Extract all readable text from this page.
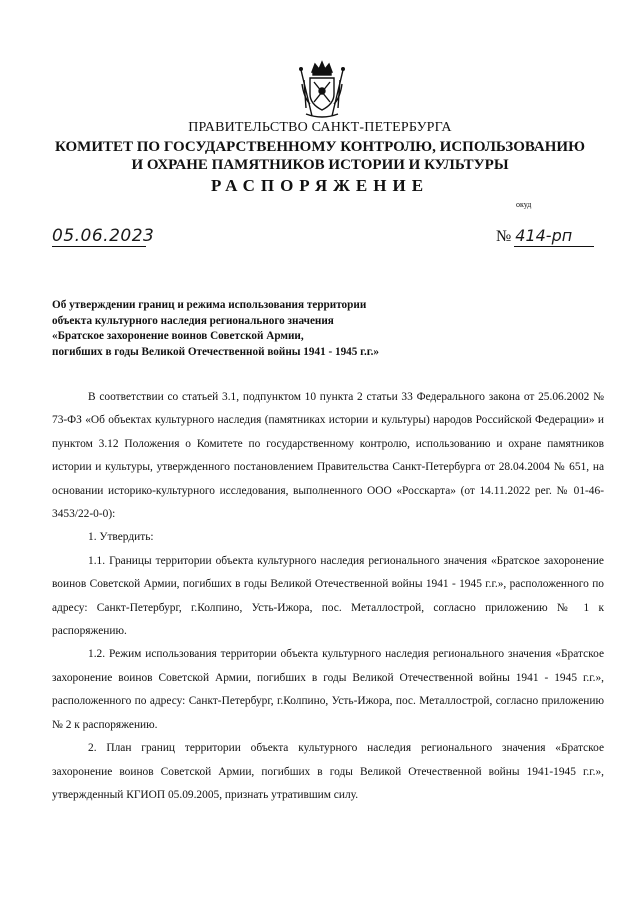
ПРАВИТЕЛЬСТВО САНКТ-ПЕТЕРБУРГА
КОМИТЕТ ПО ГОСУДАРСТВЕННОМУ КОНТРОЛЮ, ИСПОЛЬЗОВАНИЮ
И ОХРАНЕ ПАМЯТНИКОВ ИСТОРИИ И КУЛЬТУРЫ
РАСПОРЯЖЕНИЕ
окуд
05.06.2023	№ 414-рп
Об утверждении границ и режима использования территории
объекта культурного наследия регионального значения
«Братское захоронение воинов Советской Армии,
погибших в годы Великой Отечественной войны 1941 - 1945 г.г.»

В соответствии со статьей 3.1, подпунктом 10 пункта 2 статьи 33 Федерального закона от 25.06.2002 № 73-ФЗ «Об объектах культурного наследия (памятниках истории и культуры) народов Российской Федерации» и пунктом 3.12 Положения о Комитете по государственному контролю, использованию и охране памятников истории и культуры, утвержденного постановлением Правительства Санкт-Петербурга от 28.04.2004 № 651, на основании историко-культурного исследования, выполненного ООО «Росскарта» (от 14.11.2022 рег. № 01-46-3453/22-0-0):

1. Утвердить:

1.1. Границы территории объекта культурного наследия регионального значения «Братское захоронение воинов Советской Армии, погибших в годы Великой Отечественной войны 1941 - 1945 г.г.», расположенного по адресу: Санкт-Петербург, г.Колпино, Усть-Ижора, пос. Металлострой, согласно приложению № 1 к распоряжению.

1.2. Режим использования территории объекта культурного наследия регионального значения «Братское захоронение воинов Советской Армии, погибших в годы Великой Отечественной войны 1941 - 1945 г.г.», расположенного по адресу: Санкт-Петербург, г.Колпино, Усть-Ижора, пос. Металлострой, согласно приложению № 2 к распоряжению.

2. План границ территории объекта культурного наследия регионального значения «Братское захоронение воинов Советской Армии, погибших в годы Великой Отечественной войны 1941-1945 г.г.», утвержденный КГИОП 05.09.2005, признать утратившим силу.
